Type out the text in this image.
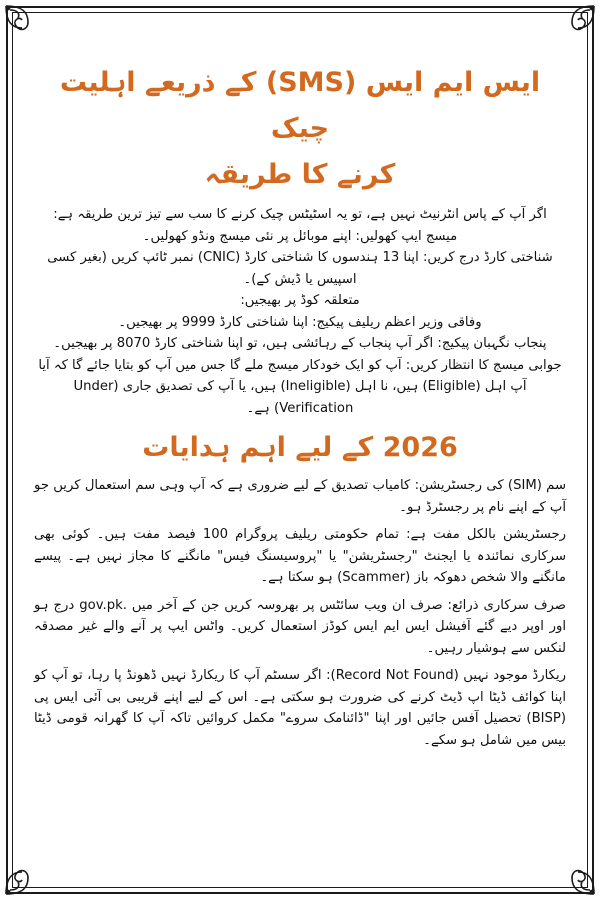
ایس ایم ایس (SMS) کے ذریعے اہلیت چیک
کرنے کا طریقہ

اگر آپ کے پاس انٹرنیٹ نہیں ہے، تو یہ اسٹیٹس چیک کرنے کا سب سے تیز ترین طریقہ ہے:

میسج ایپ کھولیں: اپنے موبائل پر نئی میسج ونڈو کھولیں۔

شناختی کارڈ درج کریں: اپنا 13 ہندسوں کا شناختی کارڈ (CNIC) نمبر ٹائپ کریں (بغیر کسی اسپیس یا ڈیش کے)۔

متعلقہ کوڈ پر بھیجیں:

وفاقی وزیر اعظم ریلیف پیکیج: اپنا شناختی کارڈ 9999 پر بھیجیں۔

پنجاب نگہبان پیکیج: اگر آپ پنجاب کے رہائشی ہیں، تو اپنا شناختی کارڈ 8070 پر بھیجیں۔

جوابی میسج کا انتظار کریں: آپ کو ایک خودکار میسج ملے گا جس میں آپ کو بتایا جائے گا کہ آیا آپ اہل (Eligible) ہیں، نا اہل (Ineligible) ہیں، یا آپ کی تصدیق جاری (Under Verification) ہے۔

2026 کے لیے اہم ہدایات

سم (SIM) کی رجسٹریشن: کامیاب تصدیق کے لیے ضروری ہے کہ آپ وہی سم استعمال کریں جو آپ کے اپنے نام پر رجسٹرڈ ہو۔

رجسٹریشن بالکل مفت ہے: تمام حکومتی ریلیف پروگرام 100 فیصد مفت ہیں۔ کوئی بھی سرکاری نمائندہ یا ایجنٹ "رجسٹریشن" یا "پروسیسنگ فیس" مانگنے کا مجاز نہیں ہے۔ پیسے مانگنے والا شخص دھوکہ باز (Scammer) ہو سکتا ہے۔

صرف سرکاری ذرائع: صرف ان ویب سائٹس پر بھروسہ کریں جن کے آخر میں .gov.pk درج ہو اور اوپر دیے گئے آفیشل ایس ایم ایس کوڈز استعمال کریں۔ واٹس ایپ پر آنے والے غیر مصدقہ لنکس سے ہوشیار رہیں۔

ریکارڈ موجود نہیں (Record Not Found): اگر سسٹم آپ کا ریکارڈ نہیں ڈھونڈ پا رہا، تو آپ کو اپنا کوائف ڈیٹا اپ ڈیٹ کرنے کی ضرورت ہو سکتی ہے۔ اس کے لیے اپنے قریبی بی آئی ایس پی (BISP) تحصیل آفس جائیں اور اپنا "ڈائنامک سروے" مکمل کروائیں تاکہ آپ کا گھرانہ قومی ڈیٹا بیس میں شامل ہو سکے۔
